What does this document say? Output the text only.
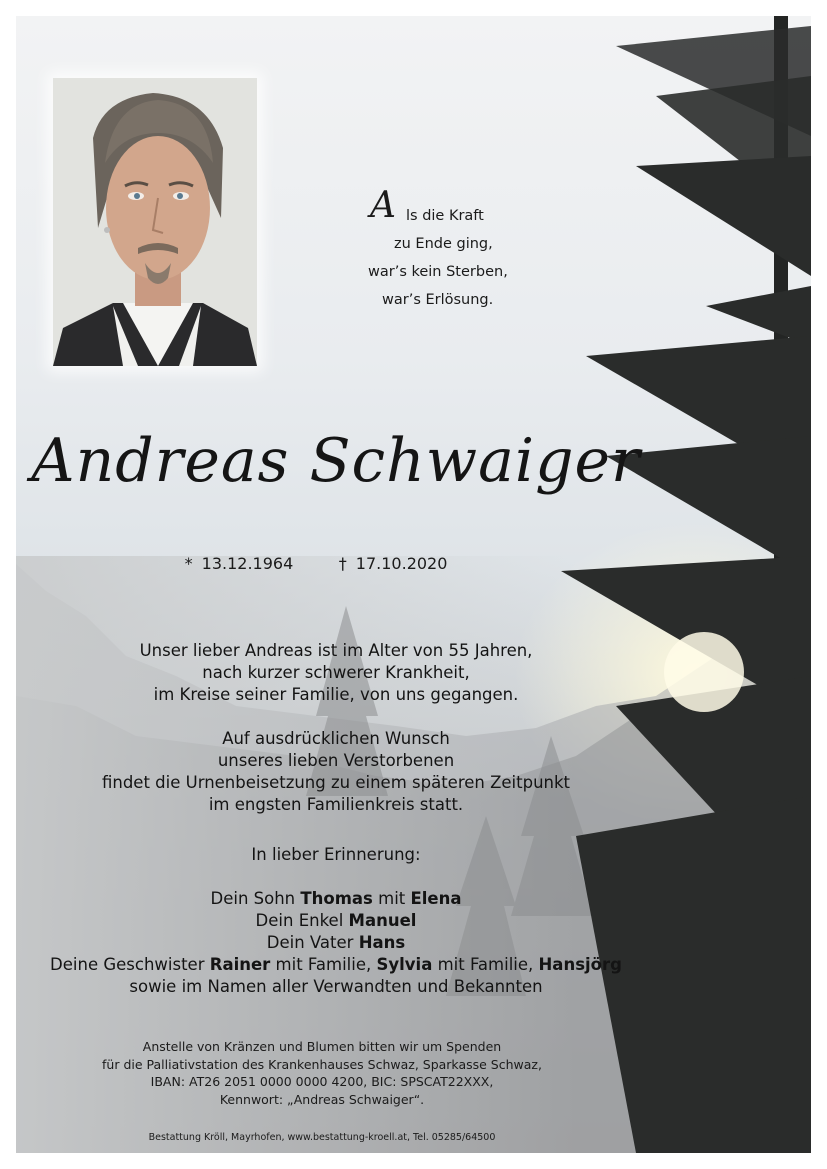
A ls die Kraft
zu Ende ging,
war’s kein Sterben,
war’s Erlösung.
Andreas Schwaiger
* 13.12.1964	† 17.10.2020
Unser lieber Andreas ist im Alter von 55 Jahren,
nach kurzer schwerer Krankheit,
im Kreise seiner Familie, von uns gegangen.
Auf ausdrücklichen Wunsch
unseres lieben Verstorbenen
findet die Urnenbeisetzung zu einem späteren Zeitpunkt
im engsten Familienkreis statt.
In lieber Erinnerung:
Dein Sohn Thomas mit Elena
Dein Enkel Manuel
Dein Vater Hans
Deine Geschwister Rainer mit Familie, Sylvia mit Familie, Hansjörg
sowie im Namen aller Verwandten und Bekannten
Anstelle von Kränzen und Blumen bitten wir um Spenden
für die Palliativstation des Krankenhauses Schwaz, Sparkasse Schwaz,
IBAN: AT26 2051 0000 0000 4200, BIC: SPSCAT22XXX,
Kennwort: „Andreas Schwaiger“.
Bestattung Kröll, Mayrhofen, www.bestattung-kroell.at, Tel. 05285/64500
